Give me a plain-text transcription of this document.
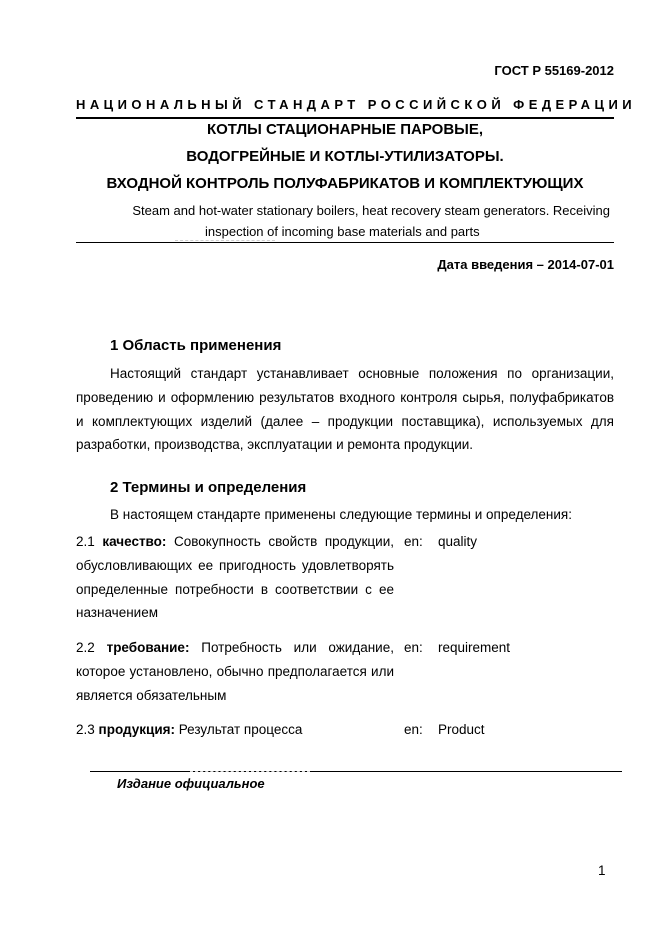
ГОСТ Р 55169-2012
НАЦИОНАЛЬНЫЙ СТАНДАРТ РОССИЙСКОЙ ФЕДЕРАЦИИ
КОТЛЫ СТАЦИОНАРНЫЕ ПАРОВЫЕ,
ВОДОГРЕЙНЫЕ И КОТЛЫ-УТИЛИЗАТОРЫ.
ВХОДНОЙ КОНТРОЛЬ ПОЛУФАБРИКАТОВ И КОМПЛЕКТУЮЩИХ
Steam and hot-water stationary boilers, heat recovery steam generators. Receiving
inspection of incoming base materials and parts
Дата введения – 2014-07-01
1 Область применения

Настоящий стандарт устанавливает основные положения по организации, проведению и оформлению результатов входного контроля сырья, полуфабрикатов и комплектующих изделий (далее – продукции поставщика), используемых для разработки, производства, эксплуатации и ремонта продукции.

2 Термины и определения

В настоящем стандарте применены следующие термины и определения:

2.1 качество: Совокупность свойств продукции, обусловливающих ее пригодность удовлетворять определенные потребности в соответствии с ее назначением
en: quality
2.2 требование: Потребность или ожидание, которое установлено, обычно предполагается или является обязательным
en: requirement
2.3 продукция: Результат процесса	en: Product
Издание официальное
1
